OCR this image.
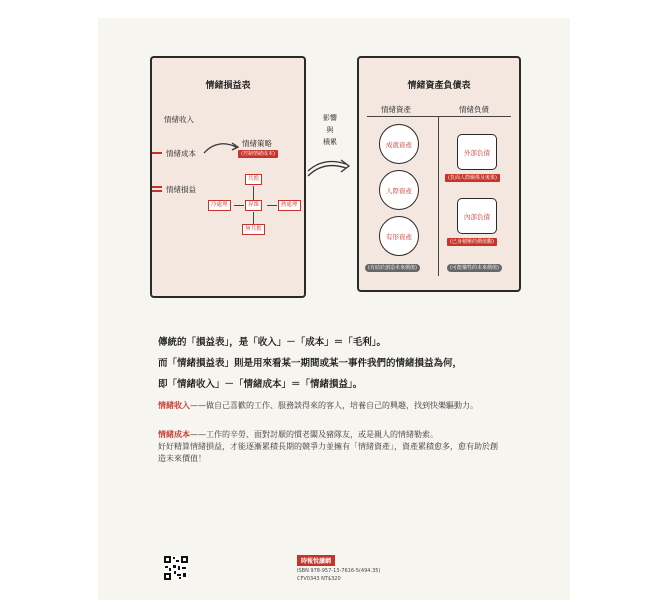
情緒損益表
情緒收入
情緒成本
情緒策略
(控制情緒成本)
情緒損益
共擔
冷處理	昇維	熱處理
無共擔
影響
與
積累
情緒資產負債表
情緒資產	情緒負債
成就資產
人際資產
有形資產
(有助於創造未來價值)
外部負債
(負面人際關係及後果)
內部負債
(已身積壓的價值觀)
(可能犧牲的未來價值)
傳統的「損益表」，是「收入」－「成本」＝「毛利」。
而「情緒損益表」則是用來看某一期間或某一事件我們的情緒損益為何，
即「情緒收入」－「情緒成本」＝「情緒損益」。
情緒收入——做自己喜歡的工作、服務談得來的客人，培養自己的興趣，找到快樂驅動力。
情緒成本——工作的辛勞、面對討厭的慣老闆及豬隊友，或是親人的情緒勒索。
好好精算情緒損益，才能逐漸累積長期的競爭力並擁有「情緒資產」，資產累積愈多，愈有助於創造未來價值！
時報悅讀網
ISBN 978-957-13-7616-5(494.35)
CFV0343 NT$320
